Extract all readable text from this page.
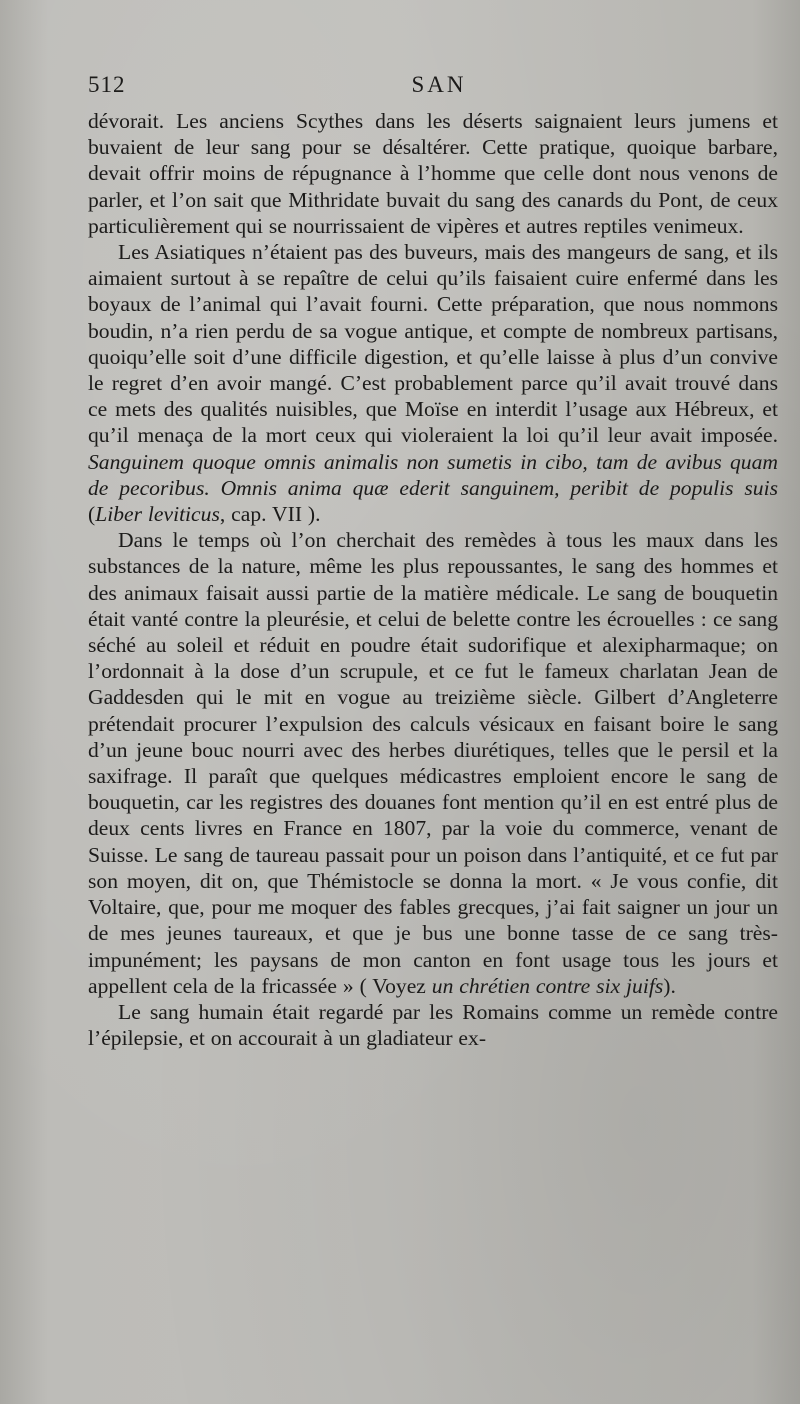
512	SAN

dévorait. Les anciens Scythes dans les déserts saignaient leurs jumens et buvaient de leur sang pour se désaltérer. Cette pratique, quoique barbare, devait offrir moins de répugnance à l’homme que celle dont nous venons de parler, et l’on sait que Mithridate buvait du sang des canards du Pont, de ceux particulièrement qui se nourrissaient de vipères et autres reptiles venimeux.

Les Asiatiques n’étaient pas des buveurs, mais des mangeurs de sang, et ils aimaient surtout à se repaître de celui qu’ils faisaient cuire enfermé dans les boyaux de l’animal qui l’avait fourni. Cette préparation, que nous nommons boudin, n’a rien perdu de sa vogue antique, et compte de nombreux partisans, quoiqu’elle soit d’une difficile digestion, et qu’elle laisse à plus d’un convive le regret d’en avoir mangé. C’est probablement parce qu’il avait trouvé dans ce mets des qualités nuisibles, que Moïse en interdit l’usage aux Hébreux, et qu’il menaça de la mort ceux qui violeraient la loi qu’il leur avait imposée. Sanguinem quoque omnis animalis non sumetis in cibo, tam de avibus quam de pecoribus. Omnis anima quæ ederit sanguinem, peribit de populis suis (Liber leviticus, cap. VII ).

Dans le temps où l’on cherchait des remèdes à tous les maux dans les substances de la nature, même les plus repoussantes, le sang des hommes et des animaux faisait aussi partie de la matière médicale. Le sang de bouquetin était vanté contre la pleurésie, et celui de belette contre les écrouelles : ce sang séché au soleil et réduit en poudre était sudorifique et alexipharmaque; on l’ordonnait à la dose d’un scrupule, et ce fut le fameux charlatan Jean de Gaddesden qui le mit en vogue au treizième siècle. Gilbert d’Angleterre prétendait procurer l’expulsion des calculs vésicaux en faisant boire le sang d’un jeune bouc nourri avec des herbes diurétiques, telles que le persil et la saxifrage. Il paraît que quelques médicastres emploient encore le sang de bouquetin, car les registres des douanes font mention qu’il en est entré plus de deux cents livres en France en 1807, par la voie du commerce, venant de Suisse. Le sang de taureau passait pour un poison dans l’antiquité, et ce fut par son moyen, dit on, que Thémistocle se donna la mort. « Je vous confie, dit Voltaire, que, pour me moquer des fables grecques, j’ai fait saigner un jour un de mes jeunes taureaux, et que je bus une bonne tasse de ce sang très-impunément; les paysans de mon canton en font usage tous les jours et appellent cela de la fricassée » ( Voyez un chrétien contre six juifs).

Le sang humain était regardé par les Romains comme un remède contre l’épilepsie, et on accourait à un gladiateur ex-
